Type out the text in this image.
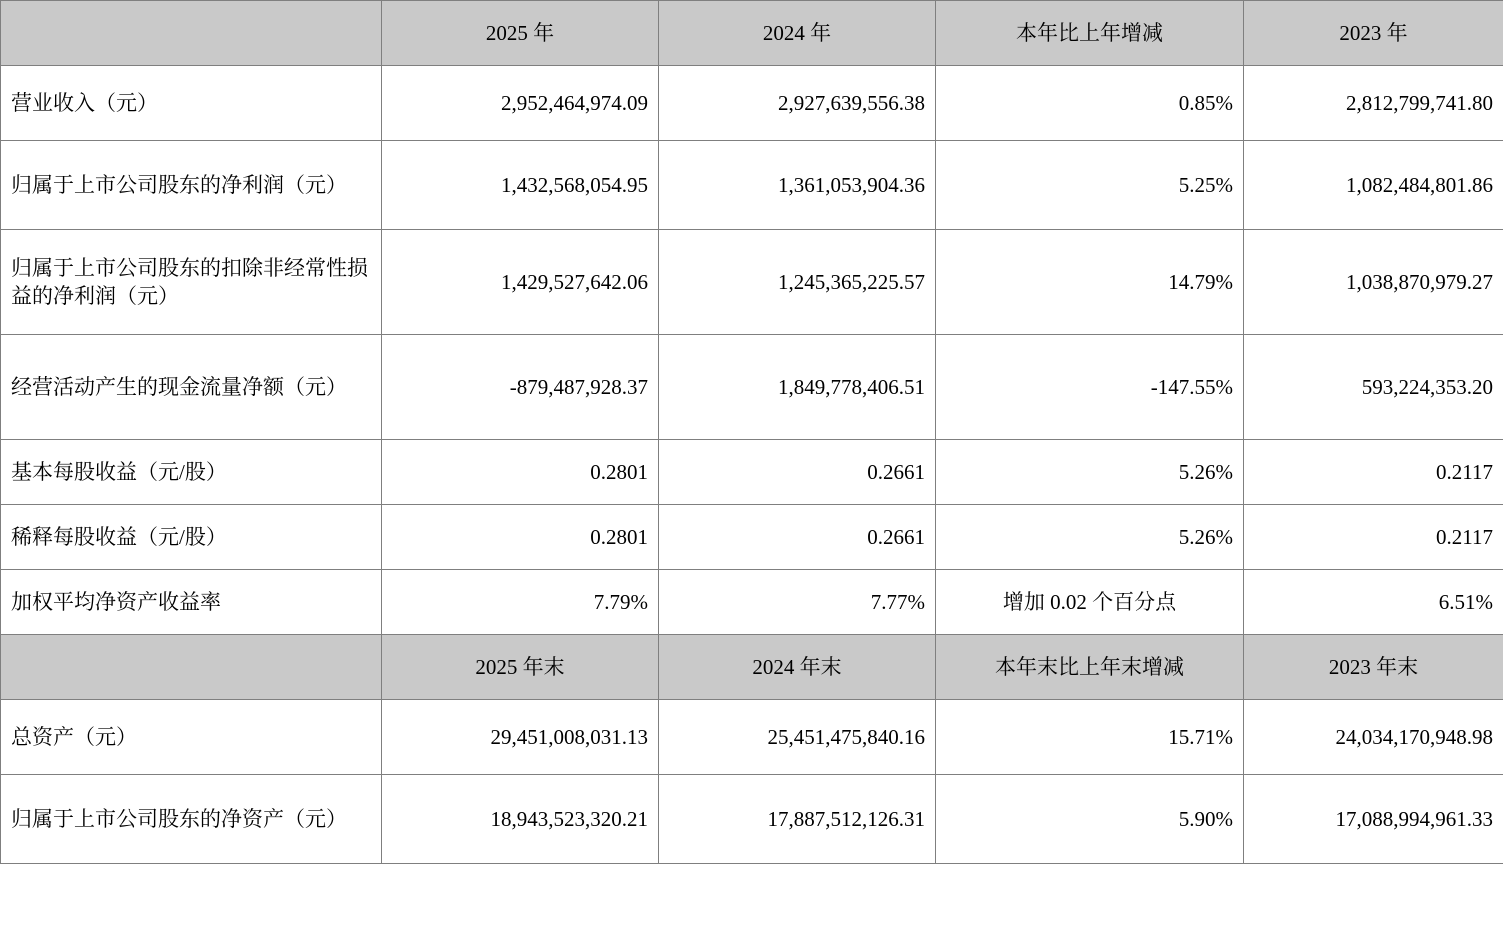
	2025 年	2024 年	本年比上年增减	2023 年
营业收入（元）	2,952,464,974.09	2,927,639,556.38	0.85%	2,812,799,741.80
归属于上市公司股东的净利润（元）	1,432,568,054.95	1,361,053,904.36	5.25%	1,082,484,801.86
归属于上市公司股东的扣除非经常性损益的净利润（元）	1,429,527,642.06	1,245,365,225.57	14.79%	1,038,870,979.27
经营活动产生的现金流量净额（元）	-879,487,928.37	1,849,778,406.51	-147.55%	593,224,353.20
基本每股收益（元/股）	0.2801	0.2661	5.26%	0.2117
稀释每股收益（元/股）	0.2801	0.2661	5.26%	0.2117
加权平均净资产收益率	7.79%	7.77%	增加 0.02 个百分点	6.51%
	2025 年末	2024 年末	本年末比上年末增减	2023 年末
总资产（元）	29,451,008,031.13	25,451,475,840.16	15.71%	24,034,170,948.98
归属于上市公司股东的净资产（元）	18,943,523,320.21	17,887,512,126.31	5.90%	17,088,994,961.33
